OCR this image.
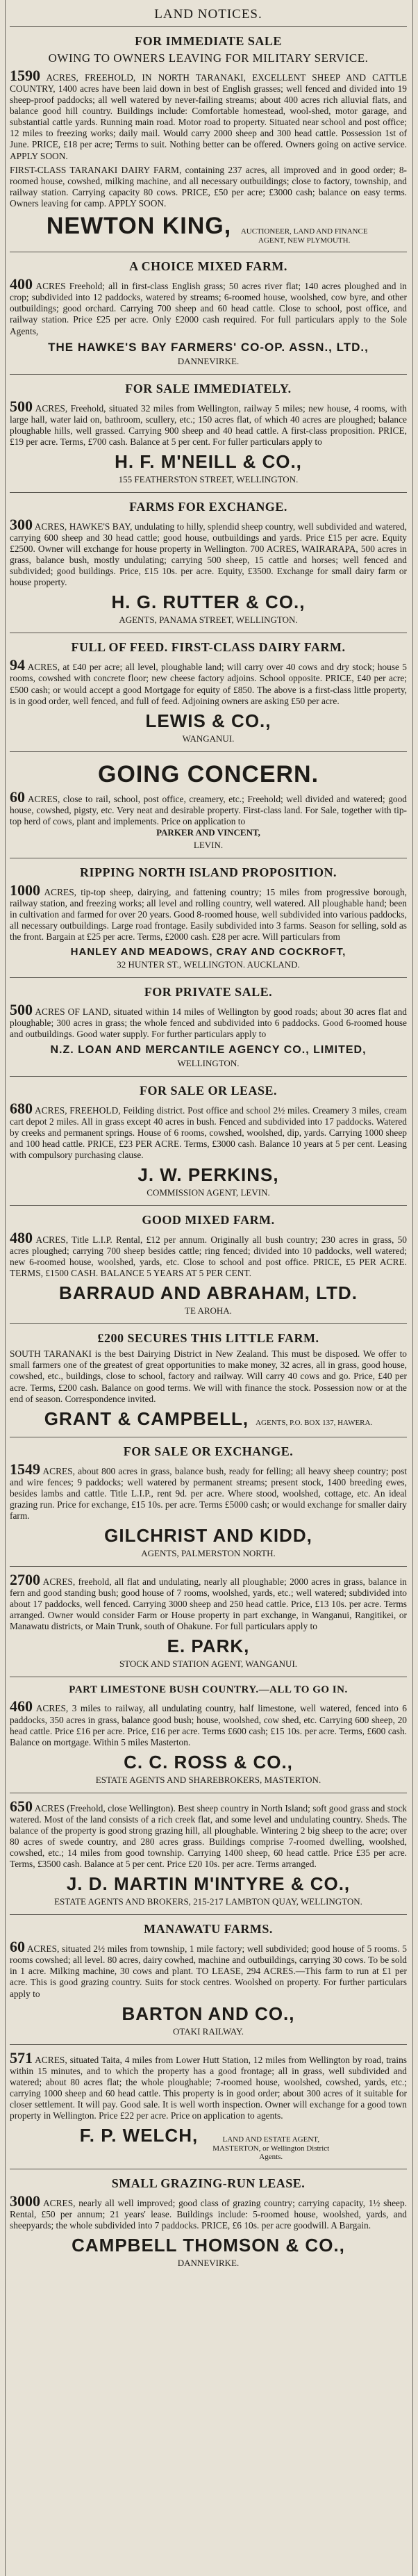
LAND NOTICES.
FOR IMMEDIATE SALE
OWING TO OWNERS LEAVING FOR MILITARY SERVICE.

1590 ACRES, FREEHOLD, IN NORTH TARANAKI, EXCELLENT SHEEP AND CATTLE COUNTRY, 1400 acres have been laid down in best of English grasses; well fenced and divided into 19 sheep-proof paddocks; all well watered by never-failing streams; about 400 acres rich alluvial flats, and balance good hill country. Buildings include: Comfortable homestead, wool-shed, motor garage, and substantial cattle yards. Running main road. Motor road to property. Situated near school and post office; 12 miles to freezing works; daily mail. Would carry 2000 sheep and 300 head cattle. Possession 1st of June. PRICE, £18 per acre; Terms to suit. Nothing better can be offered. Owners going on active service. APPLY SOON.

FIRST-CLASS TARANAKI DAIRY FARM, containing 237 acres, all improved and in good order; 8-roomed house, cowshed, milking machine, and all necessary outbuildings; close to factory, township, and railway station. Carrying capacity 80 cows. PRICE, £50 per acre; £3000 cash; balance on easy terms. Owners leaving for camp. APPLY SOON.

NEWTON KING,	AUCTIONEER, LAND AND FINANCE AGENT, NEW PLYMOUTH.
A CHOICE MIXED FARM.

400 ACRES Freehold; all in first-class English grass; 50 acres river flat; 140 acres ploughed and in crop; subdivided into 12 paddocks, watered by streams; 6-roomed house, woolshed, cow byre, and other outbuildings; good orchard. Carrying 700 sheep and 60 head cattle. Close to school, post office, and railway station. Price £25 per acre. Only £2000 cash required. For full particulars apply to the Sole Agents,

THE HAWKE'S BAY FARMERS' CO-OP. ASSN., LTD.,
DANNEVIRKE.
FOR SALE IMMEDIATELY.

500 ACRES, Freehold, situated 32 miles from Wellington, railway 5 miles; new house, 4 rooms, with large hall, water laid on, bathroom, scullery, etc.; 150 acres flat, of which 40 acres are ploughed; balance ploughable hills, well grassed. Carrying 900 sheep and 40 head cattle. A first-class proposition. PRICE, £19 per acre. Terms, £700 cash. Balance at 5 per cent. For fuller particulars apply to

H. F. M'NEILL & CO.,
155 FEATHERSTON STREET, WELLINGTON.
FARMS FOR EXCHANGE.

300 ACRES, HAWKE'S BAY, undulating to hilly, splendid sheep country, well subdivided and watered, carrying 600 sheep and 30 head cattle; good house, outbuildings and yards. Price £15 per acre. Equity £2500. Owner will exchange for house property in Wellington. 700 ACRES, WAIRARAPA, 500 acres in grass, balance bush, mostly undulating; carrying 500 sheep, 15 cattle and horses; well fenced and subdivided; good buildings. Price, £15 10s. per acre. Equity, £3500. Exchange for small dairy farm or house property.

H. G. RUTTER & CO.,
AGENTS, PANAMA STREET, WELLINGTON.
FULL OF FEED. FIRST-CLASS DAIRY FARM.

94 ACRES, at £40 per acre; all level, ploughable land; will carry over 40 cows and dry stock; house 5 rooms, cowshed with concrete floor; new cheese factory adjoins. School opposite. PRICE, £40 per acre; £500 cash; or would accept a good Mortgage for equity of £850. The above is a first-class little property, is in good order, well fenced, and full of feed. Adjoining owners are asking £50 per acre.

LEWIS & CO.,
WANGANUI.
GOING CONCERN.

60 ACRES, close to rail, school, post office, creamery, etc.; Freehold; well divided and watered; good house, cowshed, pigsty, etc. Very neat and desirable property. First-class land. For Sale, together with tip-top herd of cows, plant and implements. Price on application to

PARKER AND VINCENT,
LEVIN.
RIPPING NORTH ISLAND PROPOSITION.

1000 ACRES, tip-top sheep, dairying, and fattening country; 15 miles from progressive borough, railway station, and freezing works; all level and rolling country, well watered. All ploughable hand; been in cultivation and farmed for over 20 years. Good 8-roomed house, well subdivided into various paddocks, all necessary outbuildings. Large road frontage. Easily subdivided into 3 farms. Season for selling, sold as the front. Bargain at £25 per acre. Terms, £2000 cash. £28 per acre. Will particulars from

HANLEY AND MEADOWS, CRAY AND COCKROFT,
32 HUNTER ST., WELLINGTON. AUCKLAND.
FOR PRIVATE SALE.

500 ACRES OF LAND, situated within 14 miles of Wellington by good roads; about 30 acres flat and ploughable; 300 acres in grass; the whole fenced and subdivided into 6 paddocks. Good 6-roomed house and outbuildings. Good water supply. For further particulars apply to

N.Z. LOAN AND MERCANTILE AGENCY CO., LIMITED,
WELLINGTON.
FOR SALE OR LEASE.

680 ACRES, FREEHOLD, Feilding district. Post office and school 2½ miles. Creamery 3 miles, cream cart depot 2 miles. All in grass except 40 acres in bush. Fenced and subdivided into 17 paddocks. Watered by creeks and permanent springs. House of 6 rooms, cowshed, woolshed, dip, yards. Carrying 1000 sheep and 100 head cattle. PRICE, £23 PER ACRE. Terms, £3000 cash. Balance 10 years at 5 per cent. Leasing with compulsory purchasing clause.

J. W. PERKINS,
COMMISSION AGENT, LEVIN.
GOOD MIXED FARM.

480 ACRES, Title L.I.P. Rental, £12 per annum. Originally all bush country; 230 acres in grass, 50 acres ploughed; carrying 700 sheep besides cattle; ring fenced; divided into 10 paddocks, well watered; new 6-roomed house, woolshed, yards, etc. Close to school and post office. PRICE, £5 PER ACRE. TERMS, £1500 CASH. BALANCE 5 YEARS AT 5 PER CENT.

BARRAUD AND ABRAHAM, LTD.
TE AROHA.
£200 SECURES THIS LITTLE FARM.

SOUTH TARANAKI is the best Dairying District in New Zealand. This must be disposed. We offer to small farmers one of the greatest of great opportunities to make money, 32 acres, all in grass, good house, cowshed, etc., buildings, close to school, factory and railway. Will carry 40 cows and go. Price, £40 per acre. Terms, £200 cash. Balance on good terms. We will with finance the stock. Possession now or at the end of season. Correspondence invited.

GRANT & CAMPBELL, AGENTS, P.O. BOX 137, HAWERA.
FOR SALE OR EXCHANGE.

1549 ACRES, about 800 acres in grass, balance bush, ready for felling; all heavy sheep country; post and wire fences; 9 paddocks; well watered by permanent streams; present stock, 1400 breeding ewes, besides lambs and cattle. Title L.I.P., rent 9d. per acre. Where stood, woolshed, cottage, etc. An ideal grazing run. Price for exchange, £15 10s. per acre. Terms £5000 cash; or would exchange for smaller dairy farm.

GILCHRIST AND KIDD,
AGENTS, PALMERSTON NORTH.

2700 ACRES, freehold, all flat and undulating, nearly all ploughable; 2000 acres in grass, balance in fern and good standing bush; good house of 7 rooms, woolshed, yards, etc.; well watered; subdivided into about 17 paddocks, well fenced. Carrying 3000 sheep and 250 head cattle. Price, £13 10s. per acre. Terms arranged. Owner would consider Farm or House property in part exchange, in Wanganui, Rangitikei, or Manawatu districts, or Main Trunk, south of Ohakune. For full particulars apply to

E. PARK,
STOCK AND STATION AGENT, WANGANUI.
PART LIMESTONE BUSH COUNTRY.—ALL TO GO IN.

460 ACRES, 3 miles to railway, all undulating country, half limestone, well watered, fenced into 6 paddocks, 350 acres in grass, balance good bush; house, woolshed, cow shed, etc. Carrying 600 sheep, 20 head cattle. Price £16 per acre. Price, £16 per acre. Terms £600 cash; £15 10s. per acre. Terms, £600 cash. Balance on mortgage. Within 5 miles Masterton.

C. C. ROSS & CO.,
ESTATE AGENTS AND SHAREBROKERS, MASTERTON.

650 ACRES (Freehold, close Wellington). Best sheep country in North Island; soft good grass and stock watered. Most of the land consists of a rich creek flat, and some level and undulating country. Sheds. The balance of the property is good strong grazing hill, all ploughable. Wintering 2 big sheep to the acre; over 80 acres of swede country, and 280 acres grass. Buildings comprise 7-roomed dwelling, woolshed, cowshed, etc.; 14 miles from good township. Carrying 1400 sheep, 60 head cattle. Price £35 per acre. Terms, £3500 cash. Balance at 5 per cent. Price £20 10s. per acre. Terms arranged.

J. D. MARTIN M'INTYRE & CO.,
ESTATE AGENTS AND BROKERS, 215-217 LAMBTON QUAY, WELLINGTON.
MANAWATU FARMS.

60 ACRES, situated 2½ miles from township, 1 mile factory; well subdivided; good house of 5 rooms. 5 rooms cowshed; all level. 80 acres, dairy cowhed, machine and outbuildings, carrying 30 cows. To be sold in 1 acre. Milking machine, 30 cows and plant. TO LEASE, 294 ACRES.—This farm to run at £1 per acre. This is good grazing country. Suits for stock centres. Woolshed on property. For further particulars apply to

BARTON AND CO.,
OTAKI RAILWAY.

571 ACRES, situated Taita, 4 miles from Lower Hutt Station, 12 miles from Wellington by road, trains within 15 minutes, and to which the property has a good frontage; all in grass, well subdivided and watered; about 80 acres flat; the whole ploughable; 7-roomed house, woolshed, cowshed, yards, etc.; carrying 1000 sheep and 60 head cattle. This property is in good order; about 300 acres of it suitable for closer settlement. It will pay. Good sale. It is well worth inspection. Owner will exchange for a good town property in Wellington. Price £22 per acre. Price on application to agents.

F. P. WELCH,	LAND AND ESTATE AGENT, MASTERTON, or Wellington District Agents.
SMALL GRAZING-RUN LEASE.

3000 ACRES, nearly all well improved; good class of grazing country; carrying capacity, 1½ sheep. Rental, £50 per annum; 21 years' lease. Buildings include: 5-roomed house, woolshed, yards, and sheepyards; the whole subdivided into 7 paddocks. PRICE, £6 10s. per acre goodwill. A Bargain.

CAMPBELL THOMSON & CO.,
DANNEVIRKE.
